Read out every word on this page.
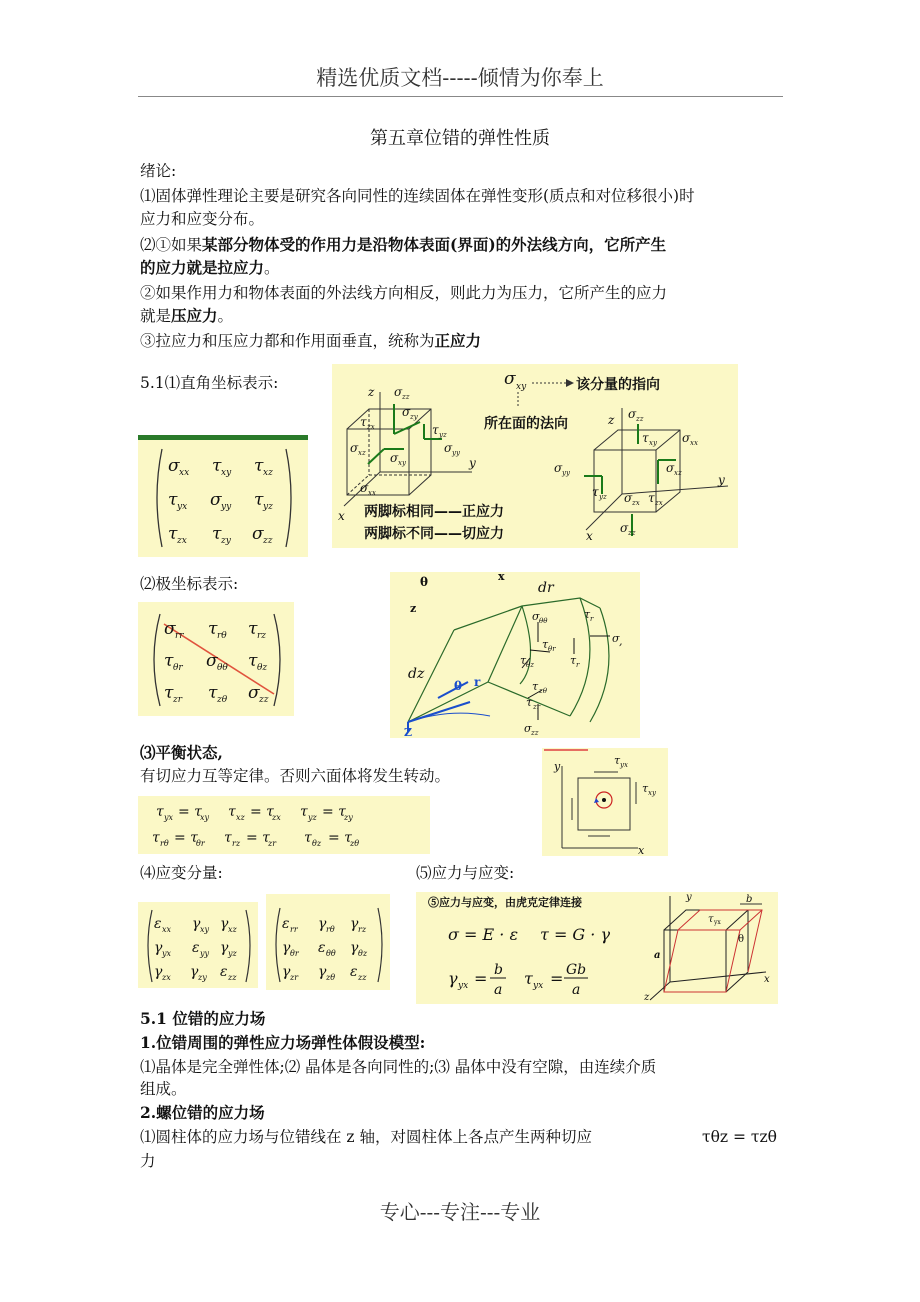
精选优质文档-----倾情为你奉上
第五章位错的弹性性质
绪论:
⑴固体弹性理论主要是研究各向同性的连续固体在弹性变形(质点和对位移很小)时
应力和应变分布。
⑵①如果某部分物体受的作用力是沿物体表面(界面)的外法线方向，它所产生
的应力就是拉应力。
②如果作用力和物体表面的外法线方向相反，则此力为压力，它所产生的应力
就是压应力。
③拉应力和压应力都和作用面垂直，统称为正应力
5.1⑴直角坐标表示:
σ xx τ xy τ xz
τ yx σ yy τ yz
τ zx τ zy σ zz
z
y
x
σ zz
σ zy
τ zx	τ yz
σ yy
σ xz σ xy
σ xx
σ xy	该分量的指向
所在面的法向
两脚标相同——正应力
两脚标不同——切应力
z
y
x
σ zz
τ xy σ xx
σ yy	σ xz
τ yz σ zx τ zx
σ zz
⑵极坐标表示:
σ rr τ rθ τ rz
τ θr σ θθ τ θz
τ zr τ zθ σ zz
θ	x
z
dr
dz	r
θ
Z
σ θθ
τ θr
τ θz
σ ,
τ r
τ r
τ zθ
τ zr
σ zz
⑶平衡状态,
有切应力互等定律。否则六面体将发生转动。
τ yx = τ
xy τ xz = τ
zx τ yz = τ
zy
τ rθ = τ
θr τ rz = τ
zr τ θz = τ
zθ
y
x
τ yx
τ xy
⑷应变分量:	⑸应力与应变:
ε xx γ xy γ xz
γ yx ε yy γ yz
γ zx γ zy ε zz
ε rr γ rθ γ rz
γ θr ε θθ γ θz
γ zr γ zθ ε zz
⑤应力与应变，由虎克定律连接
σ = E · ε τ = G · γ
γ yx = b
a
τ yx = Gb
a
y
x
z
τ yx
b
a
θ
5.1 位错的应力场
1.位错周围的弹性应力场弹性体假设模型:
⑴晶体是完全弹性体;⑵ 晶体是各向同性的;⑶ 晶体中没有空隙，由连续介质
组成。
2.螺位错的应力场
⑴圆柱体的应力场与位错线在 z 轴，对圆柱体上各点产生两种切应	τθz = τzθ
力
专心---专注---专业
